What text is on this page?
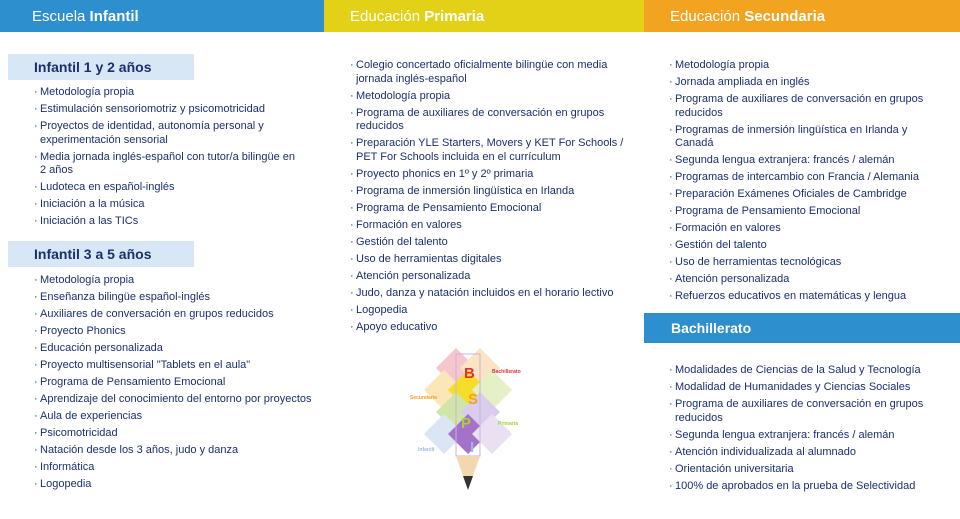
Escuela Infantil	Educación Primaria	Educación Secundaria
Infantil 1 y 2 años
· Metodología propia
· Estimulación sensoriomotriz y psicomotricidad
· Proyectos de identidad, autonomía personal y experimentación sensorial
· Media jornada inglés-español con tutor/a bilingüe en 2 años
· Ludoteca en español-inglés
· Iniciación a la música
· Iniciación a las TICs
Infantil 3 a 5 años
· Metodología propia
· Enseñanza bilingüe español-inglés
· Auxiliares de conversación en grupos reducidos
· Proyecto Phonics
· Educación personalizada
· Proyecto multisensorial "Tablets en el aula"
· Programa de Pensamiento Emocional
· Aprendizaje del conocimiento del entorno por proyectos
· Aula de experiencias
· Psicomotricidad
· Natación desde los 3 años, judo y danza
· Informática
· Logopedia
· Colegio concertado oficialmente bilingüe con media jornada inglés-español
· Metodología propia
· Programa de auxiliares de conversación en grupos reducidos
· Preparación YLE Starters, Movers y KET For Schools / PET For Schools incluida en el currículum
· Proyecto phonics en 1º y 2º primaria
· Programa de inmersión lingüística en Irlanda
· Programa de Pensamiento Emocional
· Formación en valores
· Gestión del talento
· Uso de herramientas digitales
· Atención personalizada
· Judo, danza y natación incluidos en el horario lectivo
· Logopedia
· Apoyo educativo
B
S
P
I
Bachillerato
Secundaria
Primaria
Infantil
· Metodología propia
· Jornada ampliada en inglés
· Programa de auxiliares de conversación en grupos reducidos
· Programas de inmersión lingüística en Irlanda y Canadá
· Segunda lengua extranjera: francés / alemán
· Programas de intercambio con Francia / Alemania
· Preparación Exámenes Oficiales de Cambridge
· Programa de Pensamiento Emocional
· Formación en valores
· Gestión del talento
· Uso de herramientas tecnológicas
· Atención personalizada
· Refuerzos educativos en matemáticas y lengua
Bachillerato
· Modalidades de Ciencias de la Salud y Tecnología
· Modalidad de Humanidades y Ciencias Sociales
· Programa de auxiliares de conversación en grupos reducidos
· Segunda lengua extranjera: francés / alemán
· Atención individualizada al alumnado
· Orientación universitaria
· 100% de aprobados en la prueba de Selectividad
